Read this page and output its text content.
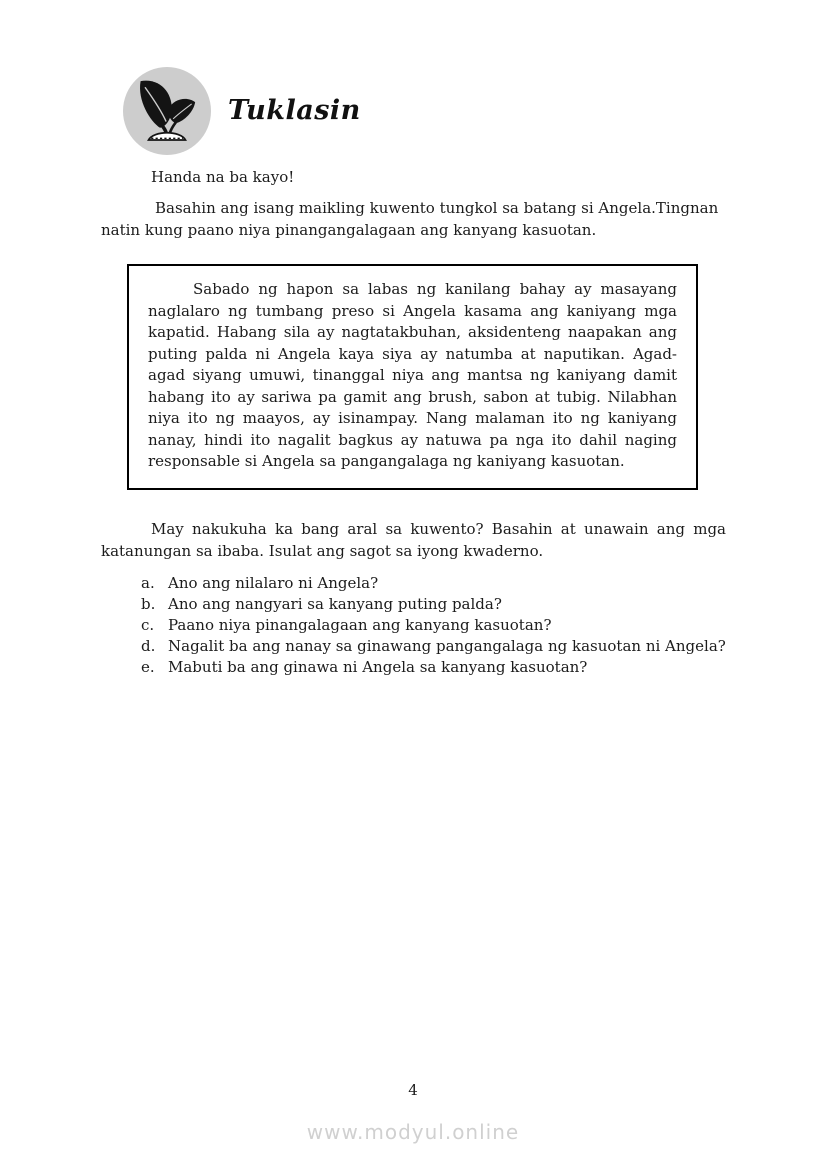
Tuklasin

Handa na ba kayo!

Basahin ang isang maikling kuwento tungkol sa batang si Angela.Tingnan natin kung paano niya pinangangalagaan ang kanyang kasuotan.

Sabado ng hapon sa labas ng kanilang bahay ay masayang naglalaro ng tumbang preso si Angela kasama ang kaniyang mga kapatid. Habang sila ay nagtatakbuhan, aksidenteng naapakan ang puting palda ni Angela kaya siya ay natumba at naputikan. Agad-agad siyang umuwi, tinanggal niya ang mantsa ng kaniyang damit habang ito ay sariwa pa gamit ang brush, sabon at tubig. Nilabhan niya ito ng maayos, ay isinampay. Nang malaman ito ng kaniyang nanay, hindi ito nagalit bagkus ay natuwa pa nga ito dahil naging responsable si Angela sa pangangalaga ng kaniyang kasuotan.

May nakukuha ka bang aral sa kuwento? Basahin at unawain ang mga katanungan sa ibaba. Isulat ang sagot sa iyong kwaderno.

a. Ano ang nilalaro ni Angela?
b. Ano ang nangyari sa kanyang puting palda?
c. Paano niya pinangalagaan ang kanyang kasuotan?
d. Nagalit ba ang nanay sa ginawang pangangalaga ng kasuotan ni Angela?
e. Mabuti ba ang ginawa ni Angela sa kanyang kasuotan?
4
www.modyul.online
